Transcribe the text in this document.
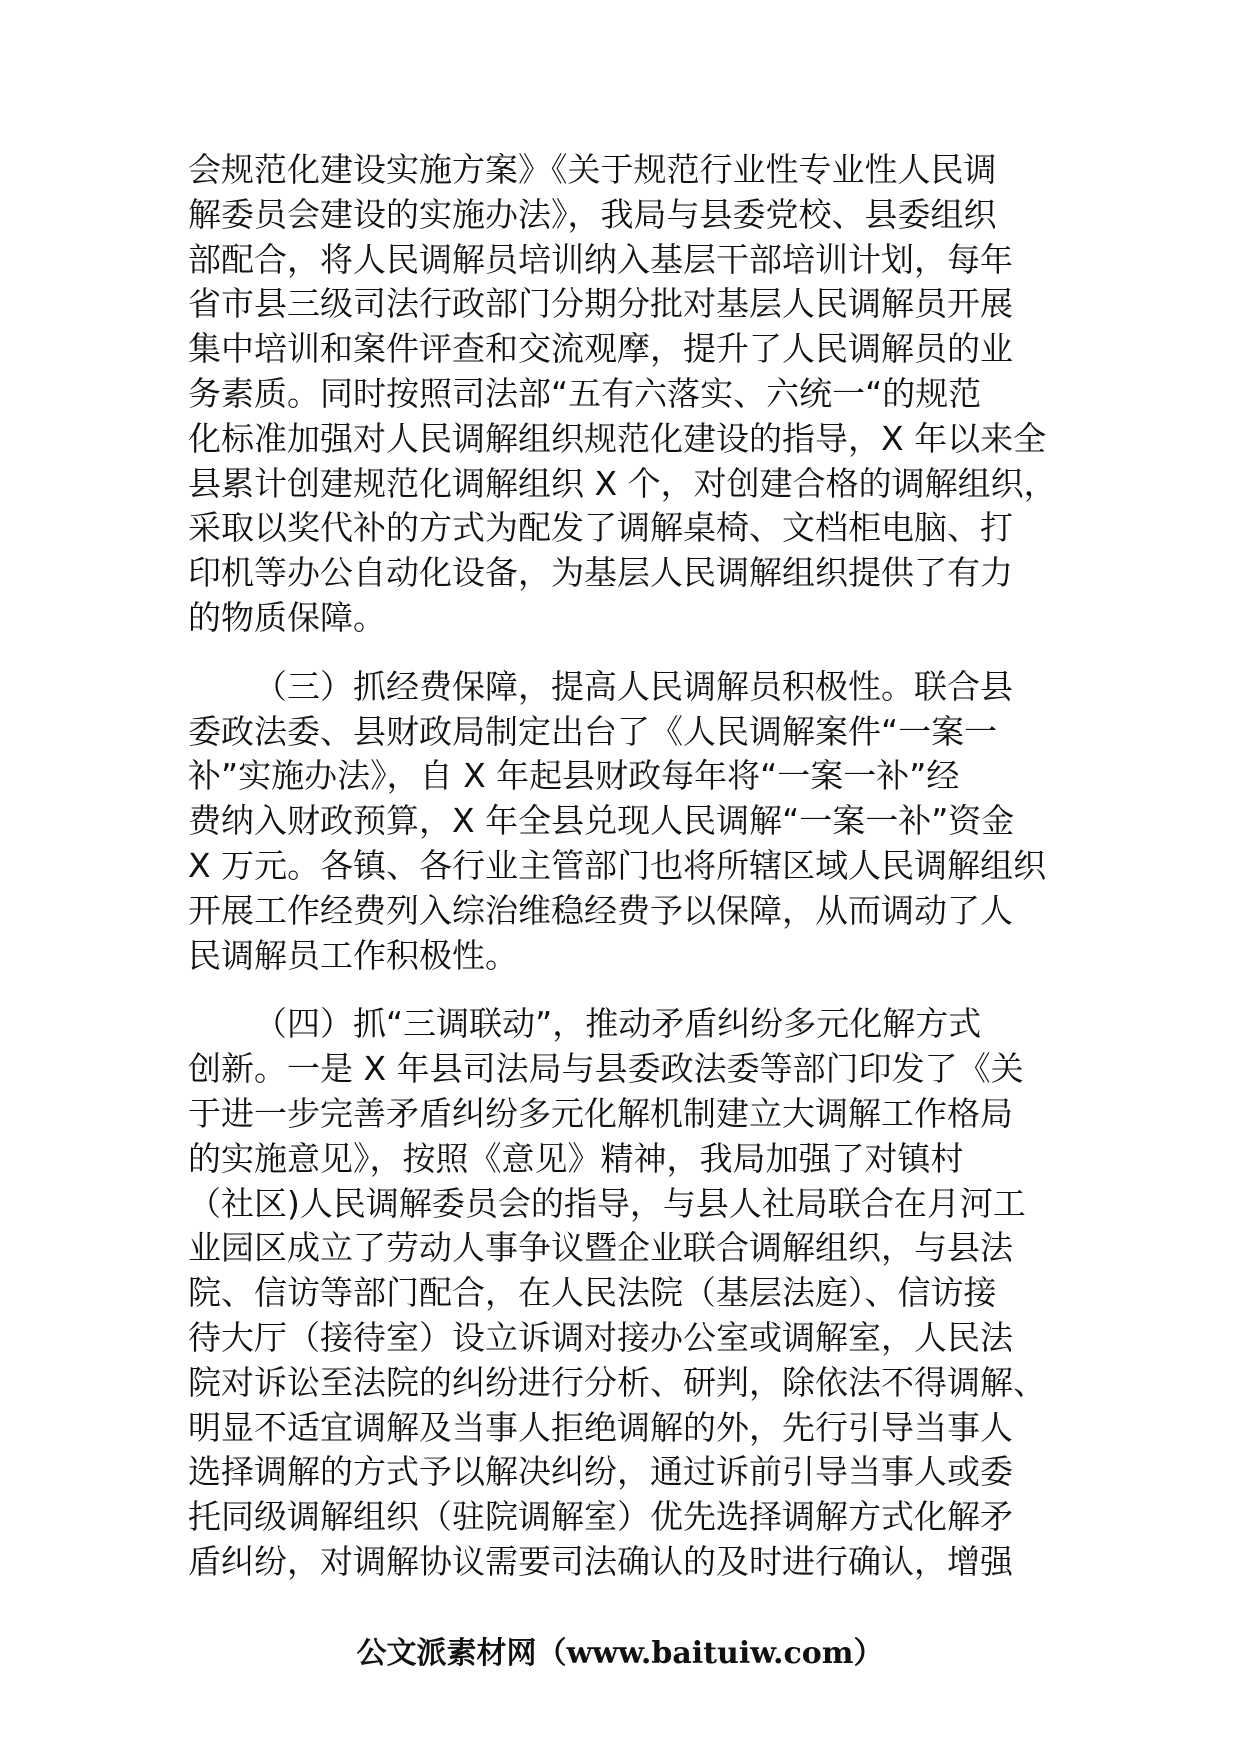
会规范化建设实施方案》《关于规范行业性专业性人民调
解委员会建设的实施办法》，我局与县委党校、县委组织
部配合，将人民调解员培训纳入基层干部培训计划，每年
省市县三级司法行政部门分期分批对基层人民调解员开展
集中培训和案件评查和交流观摩，提升了人民调解员的业
务素质。同时按照司法部“五有六落实、六统一“的规范
化标准加强对人民调解组织规范化建设的指导，X 年以来全
县累计创建规范化调解组织 X 个，对创建合格的调解组织，
采取以奖代补的方式为配发了调解桌椅、文档柜电脑、打
印机等办公自动化设备，为基层人民调解组织提供了有力
的物质保障。
（三）抓经费保障，提高人民调解员积极性。联合县
委政法委、县财政局制定出台了《人民调解案件“一案一
补”实施办法》，自 X 年起县财政每年将“一案一补”经
费纳入财政预算，X 年全县兑现人民调解“一案一补”资金
X 万元。各镇、各行业主管部门也将所辖区域人民调解组织
开展工作经费列入综治维稳经费予以保障，从而调动了人
民调解员工作积极性。
（四）抓“三调联动”，推动矛盾纠纷多元化解方式
创新。一是 X 年县司法局与县委政法委等部门印发了《关
于进一步完善矛盾纠纷多元化解机制建立大调解工作格局
的实施意见》，按照《意见》精神，我局加强了对镇村
（社区)人民调解委员会的指导，与县人社局联合在月河工
业园区成立了劳动人事争议暨企业联合调解组织，与县法
院、信访等部门配合，在人民法院（基层法庭）、信访接
待大厅（接待室）设立诉调对接办公室或调解室，人民法
院对诉讼至法院的纠纷进行分析、研判，除依法不得调解、
明显不适宜调解及当事人拒绝调解的外，先行引导当事人
选择调解的方式予以解决纠纷，通过诉前引导当事人或委
托同级调解组织（驻院调解室）优先选择调解方式化解矛
盾纠纷，对调解协议需要司法确认的及时进行确认，增强
公文派素材网（www.baituiw.com）
